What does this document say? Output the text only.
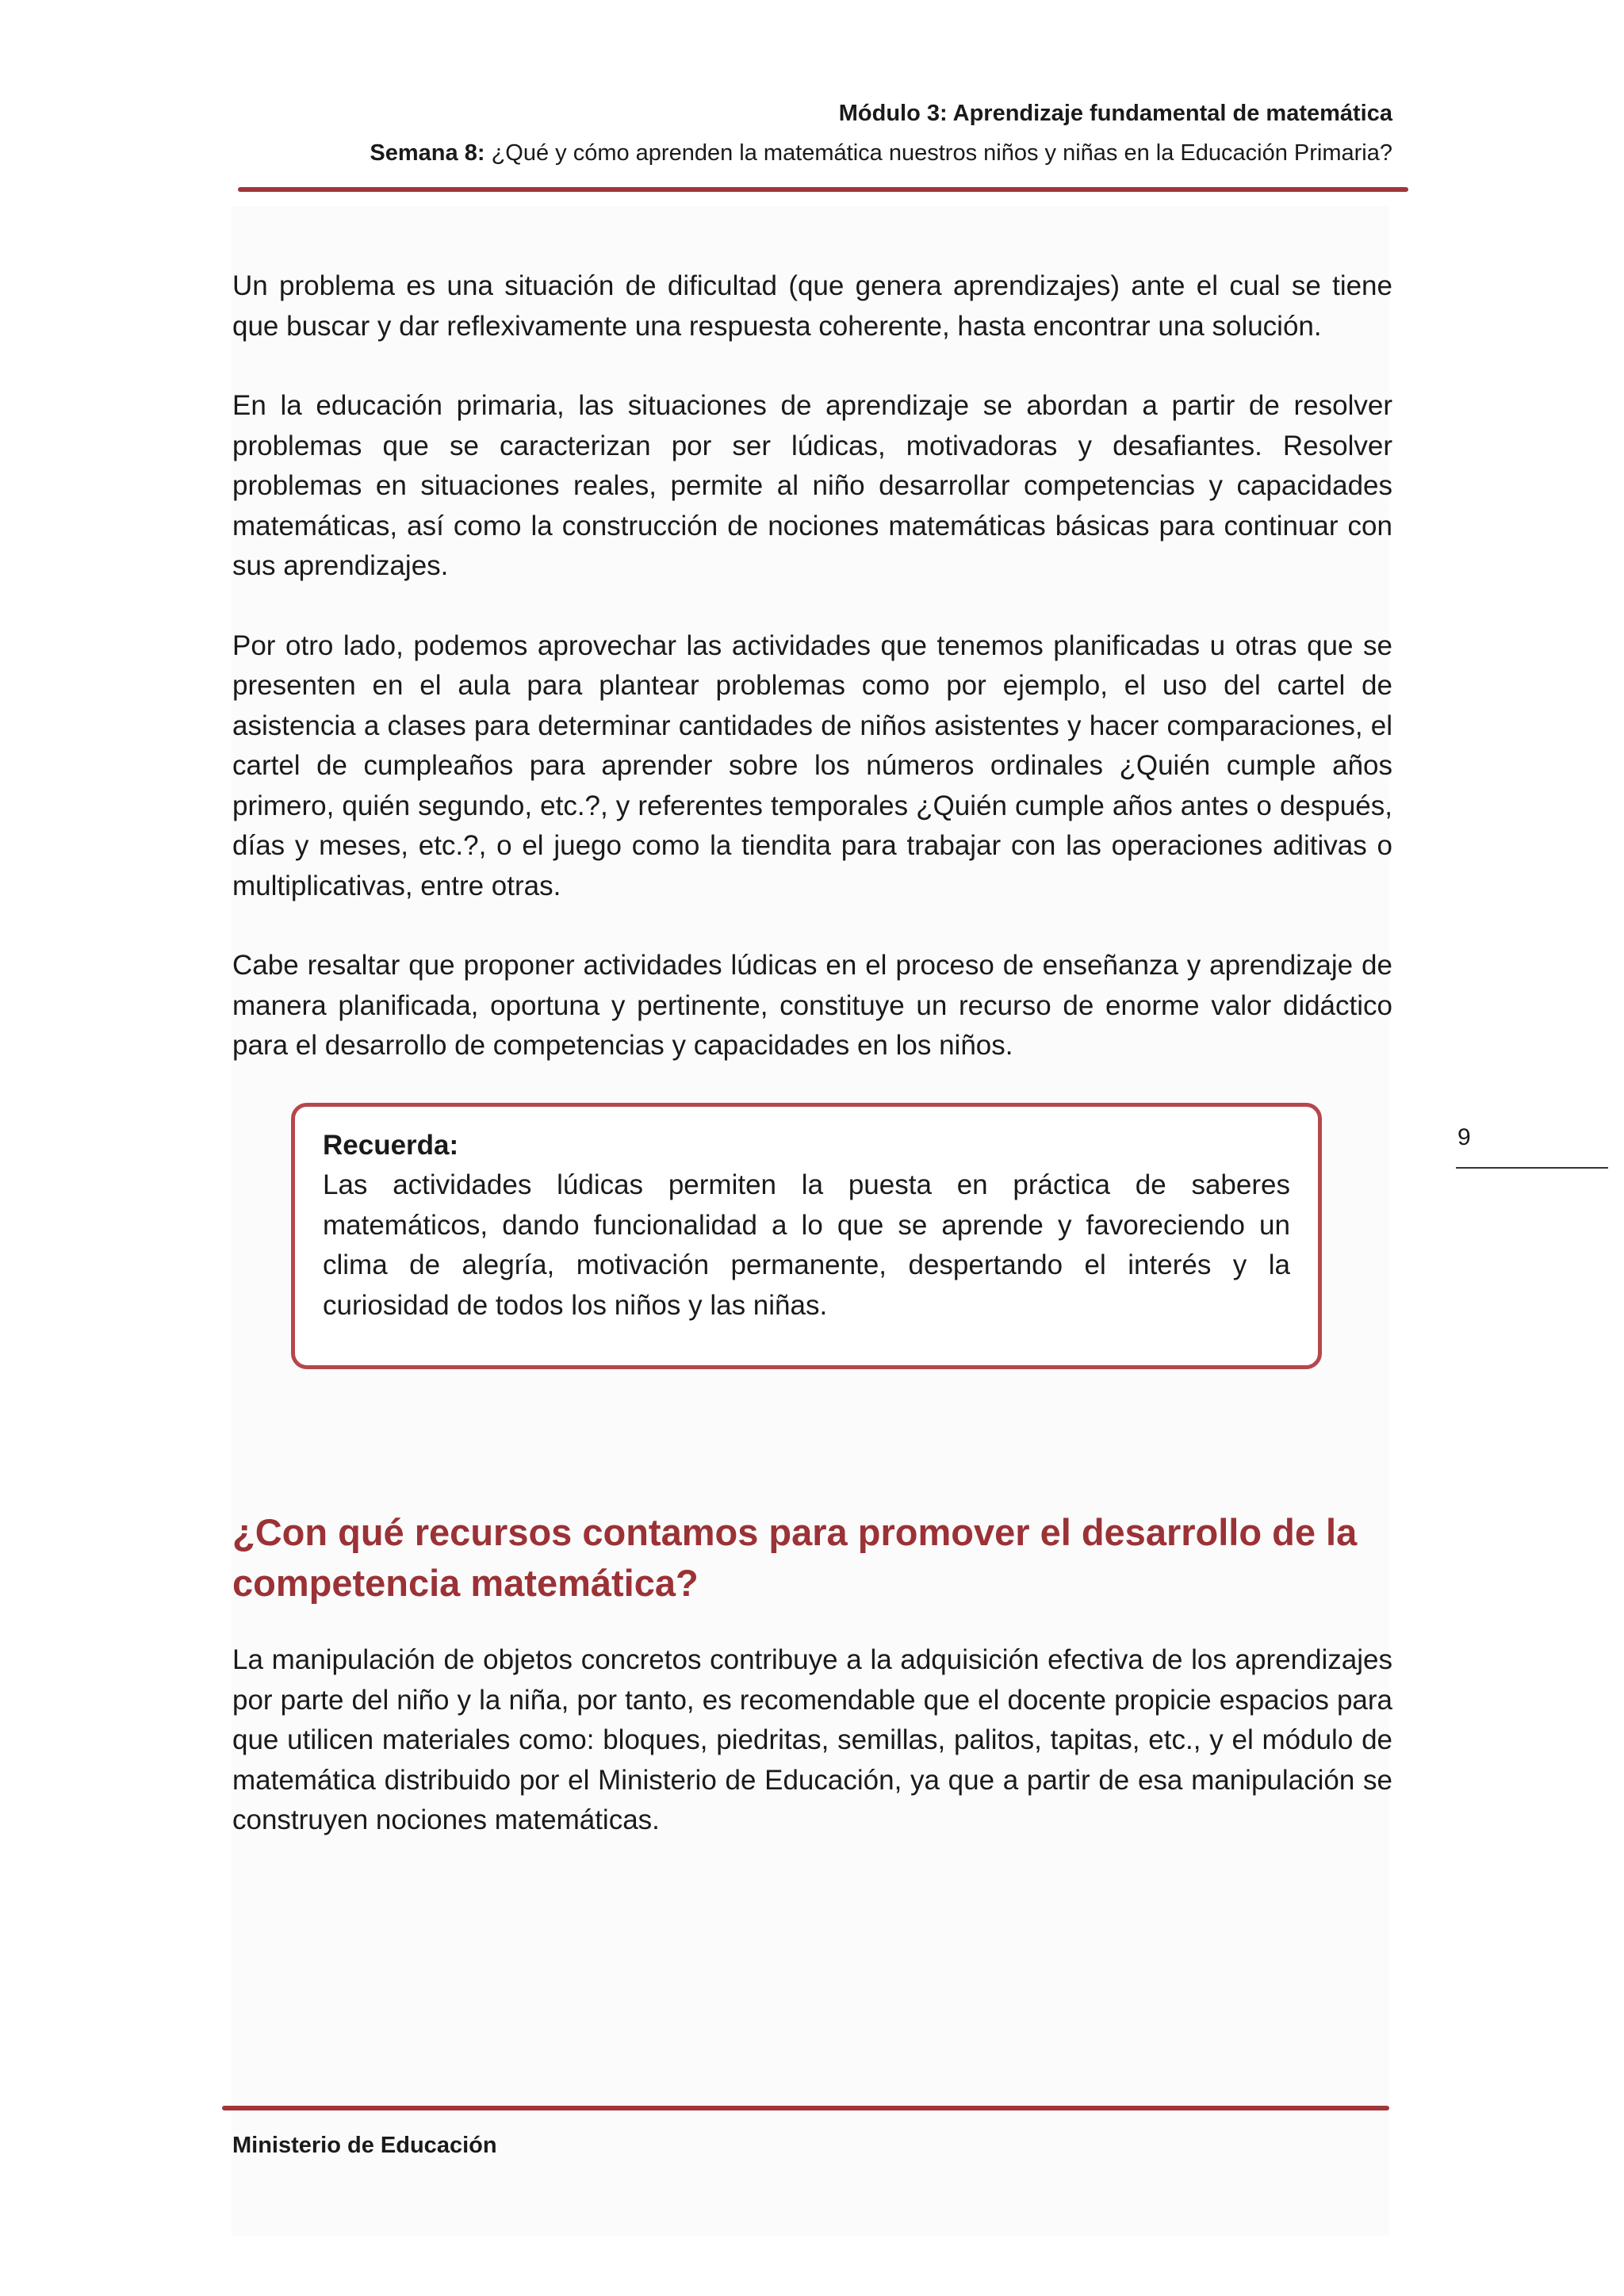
Módulo 3: Aprendizaje fundamental de matemática
Semana 8: ¿Qué y cómo aprenden la matemática nuestros niños y niñas en la Educación Primaria?

Un problema es una situación de dificultad (que genera aprendizajes) ante el cual se tiene que buscar y dar reflexivamente una respuesta coherente, hasta encontrar una solución.

En la educación primaria, las situaciones de aprendizaje se abordan a partir de resolver problemas que se caracterizan por ser lúdicas, motivadoras y desafiantes. Resolver problemas en situaciones reales, permite al niño desarrollar competencias y capacidades matemáticas, así como la construcción de nociones matemáticas básicas para continuar con sus aprendizajes.

Por otro lado, podemos aprovechar las actividades que tenemos planificadas u otras que se presenten en el aula para plantear problemas como por ejemplo, el uso del cartel de asistencia a clases para determinar cantidades de niños asistentes y hacer comparaciones, el cartel de cumpleaños para aprender sobre los números ordinales ¿Quién cumple años primero, quién segundo, etc.?, y referentes temporales ¿Quién cumple años antes o después, días y meses, etc.?, o el juego como la tiendita para trabajar con las operaciones aditivas o multiplicativas, entre otras.

Cabe resaltar que proponer actividades lúdicas en el proceso de enseñanza y aprendizaje de manera planificada, oportuna y pertinente, constituye un recurso de enorme valor didáctico para el desarrollo de competencias y capacidades en los niños.

Recuerda:
Las actividades lúdicas permiten la puesta en práctica de saberes matemáticos, dando funcionalidad a lo que se aprende y favoreciendo un clima de alegría, motivación permanente, despertando el interés y la curiosidad de todos los niños y las niñas.
¿Con qué recursos contamos para promover el desarrollo de la competencia matemática?

La manipulación de objetos concretos contribuye a la adquisición efectiva de los aprendizajes por parte del niño y la niña, por tanto, es recomendable que el docente propicie espacios para que utilicen materiales como: bloques, piedritas, semillas, palitos, tapitas, etc., y el módulo de matemática distribuido por el Ministerio de Educación, ya que a partir de esa manipulación se construyen nociones matemáticas.

9
Ministerio de Educación
